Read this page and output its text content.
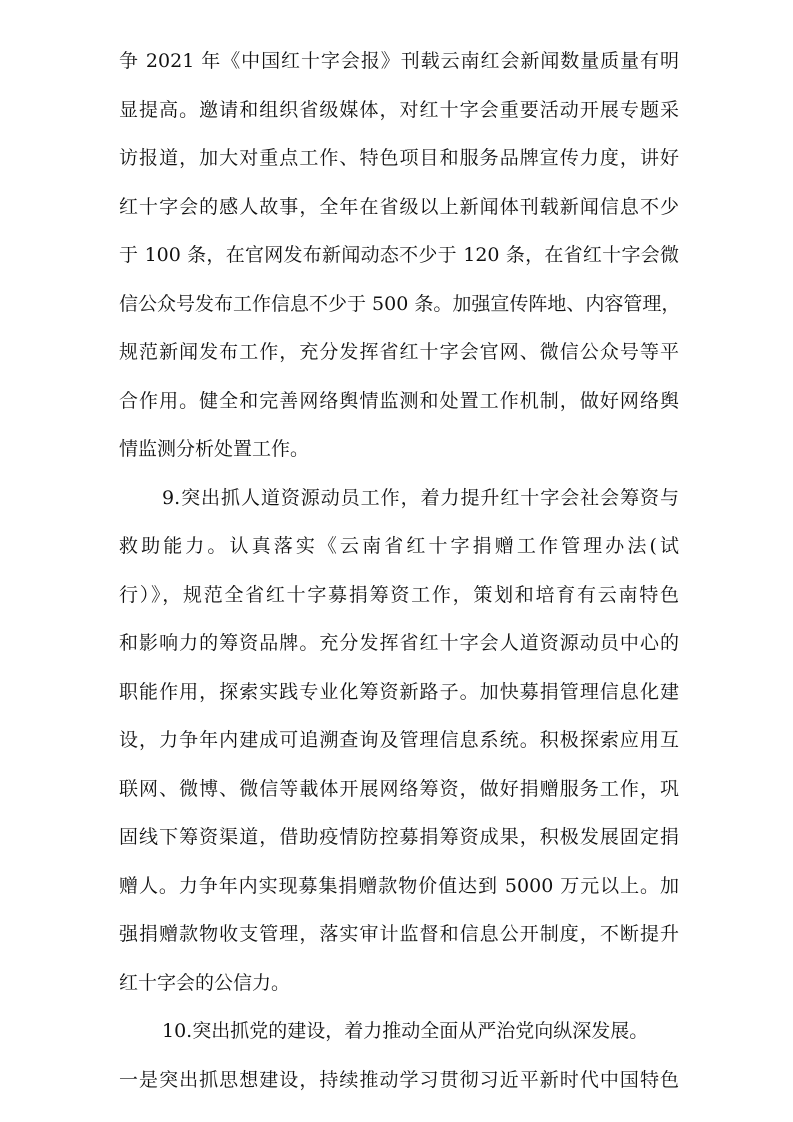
争 2021 年《中国红十字会报》刊载云南红会新闻数量质量有明
显提高。邀请和组织省级媒体，对红十字会重要活动开展专题采
访报道，加大对重点工作、特色项目和服务品牌宣传力度，讲好
红十字会的感人故事，全年在省级以上新闻体刊载新闻信息不少
于 100 条，在官网发布新闻动态不少于 120 条，在省红十字会微
信公众号发布工作信息不少于 500 条。加强宣传阵地、内容管理，
规范新闻发布工作，充分发挥省红十字会官网、微信公众号等平
合作用。健全和完善网络舆情监测和处置工作机制，做好网络舆
情监测分析处置工作。
9.突出抓人道资源动员工作，着力提升红十字会社会筹资与
救助能力。认真落实《云南省红十字捐赠工作管理办法(试
行）》，规范全省红十字募捐筹资工作，策划和培育有云南特色
和影响力的筹资品牌。充分发挥省红十字会人道资源动员中心的
职能作用，探索实践专业化筹资新路子。加快募捐管理信息化建
设，力争年内建成可追溯查询及管理信息系统。积极探索应用互
联网、微博、微信等載体开展网络筹资，做好捐赠服务工作，巩
固线下筹资渠道，借助疫情防控募捐筹资成果，积极发展固定捐
赠人。力争年内实现募集捐赠款物价值达到 5000 万元以上。加
强捐赠款物收支管理，落实审计监督和信息公开制度，不断提升
红十字会的公信力。
10.突出抓党的建设，着力推动全面从严治党向纵深发展。
一是突出抓思想建设，持续推动学习贯彻习近平新时代中国特色
